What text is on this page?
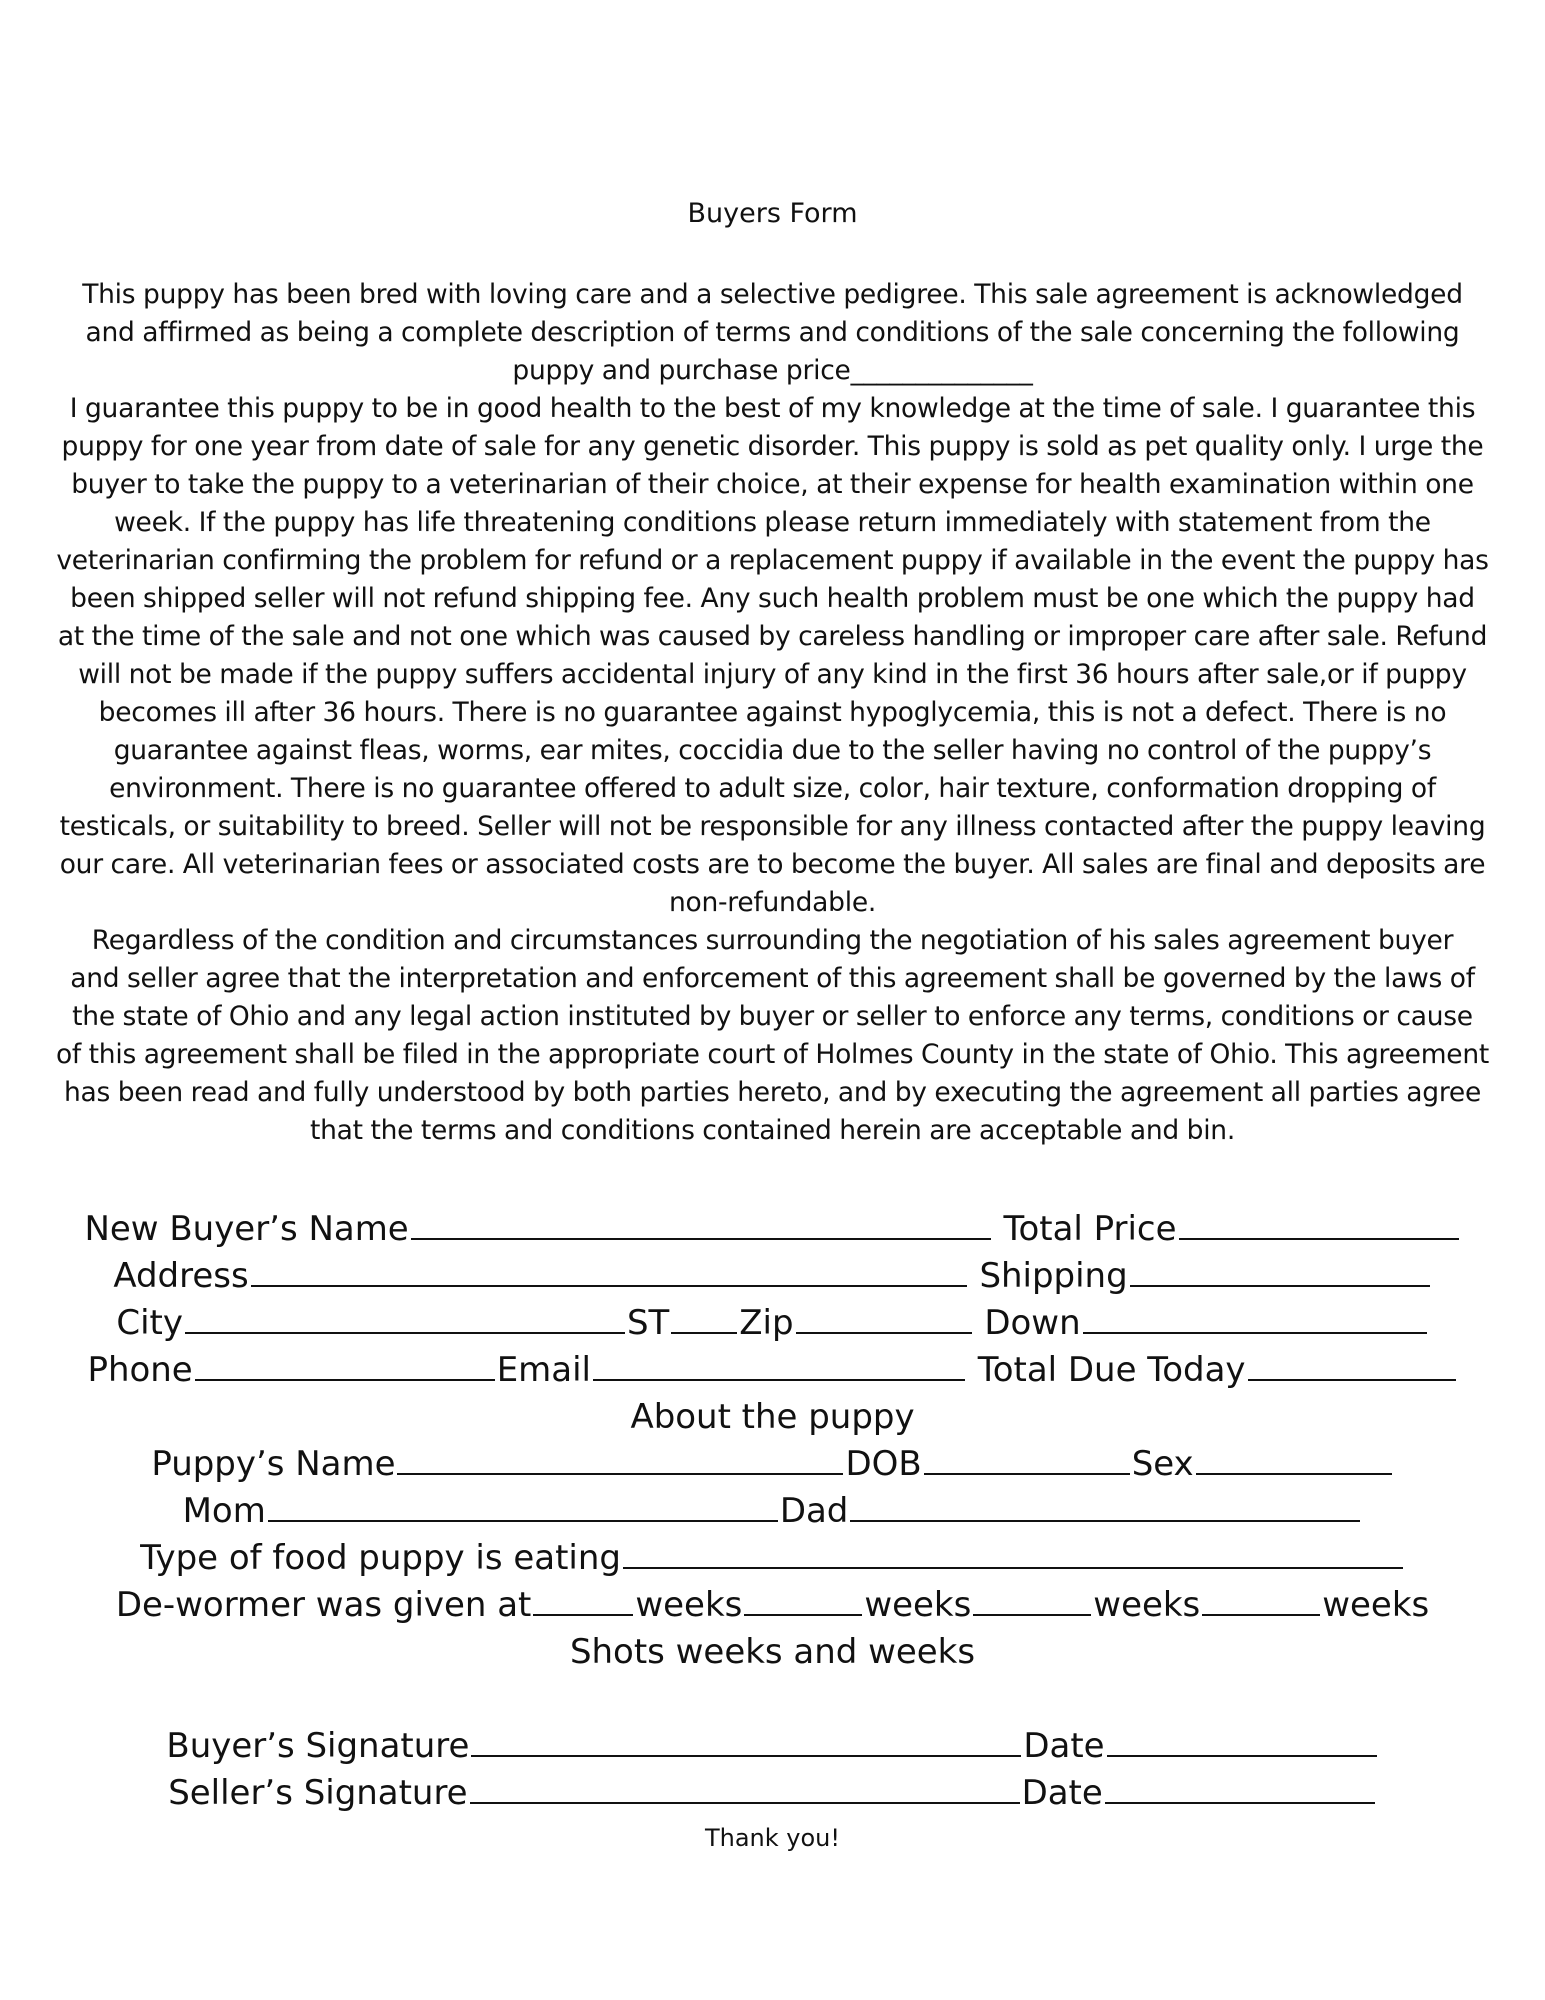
Buyers Form
This puppy has been bred with loving care and a selective pedigree. This sale agreement is acknowledged
and affirmed as being a complete description of terms and conditions of the sale concerning the following
puppy and purchase price______________
I guarantee this puppy to be in good health to the best of my knowledge at the time of sale. I guarantee this
puppy for one year from date of sale for any genetic disorder. This puppy is sold as pet quality only. I urge the
buyer to take the puppy to a veterinarian of their choice, at their expense for health examination within one
week. If the puppy has life threatening conditions please return immediately with statement from the
veterinarian confirming the problem for refund or a replacement puppy if available in the event the puppy has
been shipped seller will not refund shipping fee. Any such health problem must be one which the puppy had
at the time of the sale and not one which was caused by careless handling or improper care after sale. Refund
will not be made if the puppy suffers accidental injury of any kind in the first 36 hours after sale,or if puppy
becomes ill after 36 hours. There is no guarantee against hypoglycemia, this is not a defect. There is no
guarantee against fleas, worms, ear mites, coccidia due to the seller having no control of the puppy’s
environment. There is no guarantee offered to adult size, color, hair texture, conformation dropping of
testicals, or suitability to breed. Seller will not be responsible for any illness contacted after the puppy leaving
our care. All veterinarian fees or associated costs are to become the buyer. All sales are final and deposits are
non-refundable.
Regardless of the condition and circumstances surrounding the negotiation of his sales agreement buyer
and seller agree that the interpretation and enforcement of this agreement shall be governed by the laws of
the state of Ohio and any legal action instituted by buyer or seller to enforce any terms, conditions or cause
of this agreement shall be filed in the appropriate court of Holmes County in the state of Ohio. This agreement
has been read and fully understood by both parties hereto, and by executing the agreement all parties agree
that the terms and conditions contained herein are acceptable and bin.
New Buyer’s Name	Total Price
Address	Shipping
City	ST Zip	Down
Phone	Email	Total Due Today
About the puppy
Puppy’s Name	DOB	Sex
Mom	Dad
Type of food puppy is eating
De-wormer was given at	weeks	weeks	weeks	weeks
Shots weeks and weeks
Buyer’s Signature	Date
Seller’s Signature	Date
Thank you!
